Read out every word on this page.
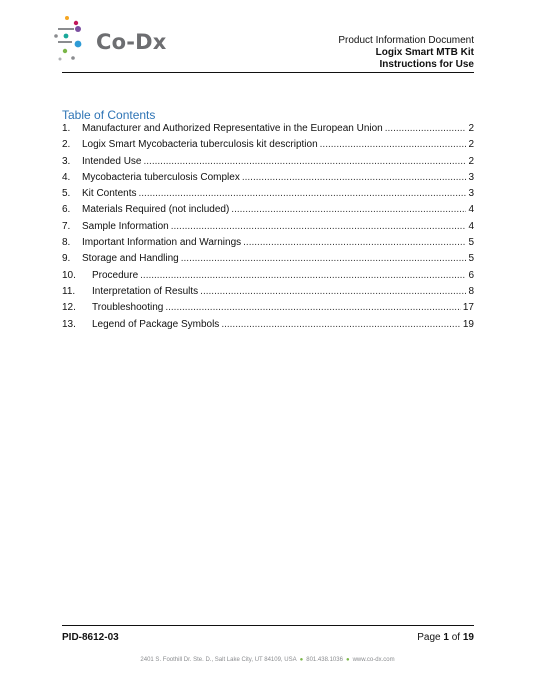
Co-Dx	Product Information Document
Logix Smart MTB Kit
Instructions for Use
Table of Contents
1.	Manufacturer and Authorized Representative in the European Union .....	2
2.	Logix Smart Mycobacteria tuberculosis kit description .....	2
3.	Intended Use .....	2
4.	Mycobacteria tuberculosis Complex .....	3
5.	Kit Contents .....	3
6.	Materials Required (not included) .....	4
7.	Sample Information .....	4
8.	Important Information and Warnings .....	5
9.	Storage and Handling .....	5
10.	Procedure .....	6
11.	Interpretation of Results .....	8
12.	Troubleshooting .....	17
13.	Legend of Package Symbols .....	19
PID-8612-03	Page 1 of 19
2401 S. Foothill Dr. Ste. D., Salt Lake City, UT 84109, USA ● 801.438.1036 ● www.co-dx.com
